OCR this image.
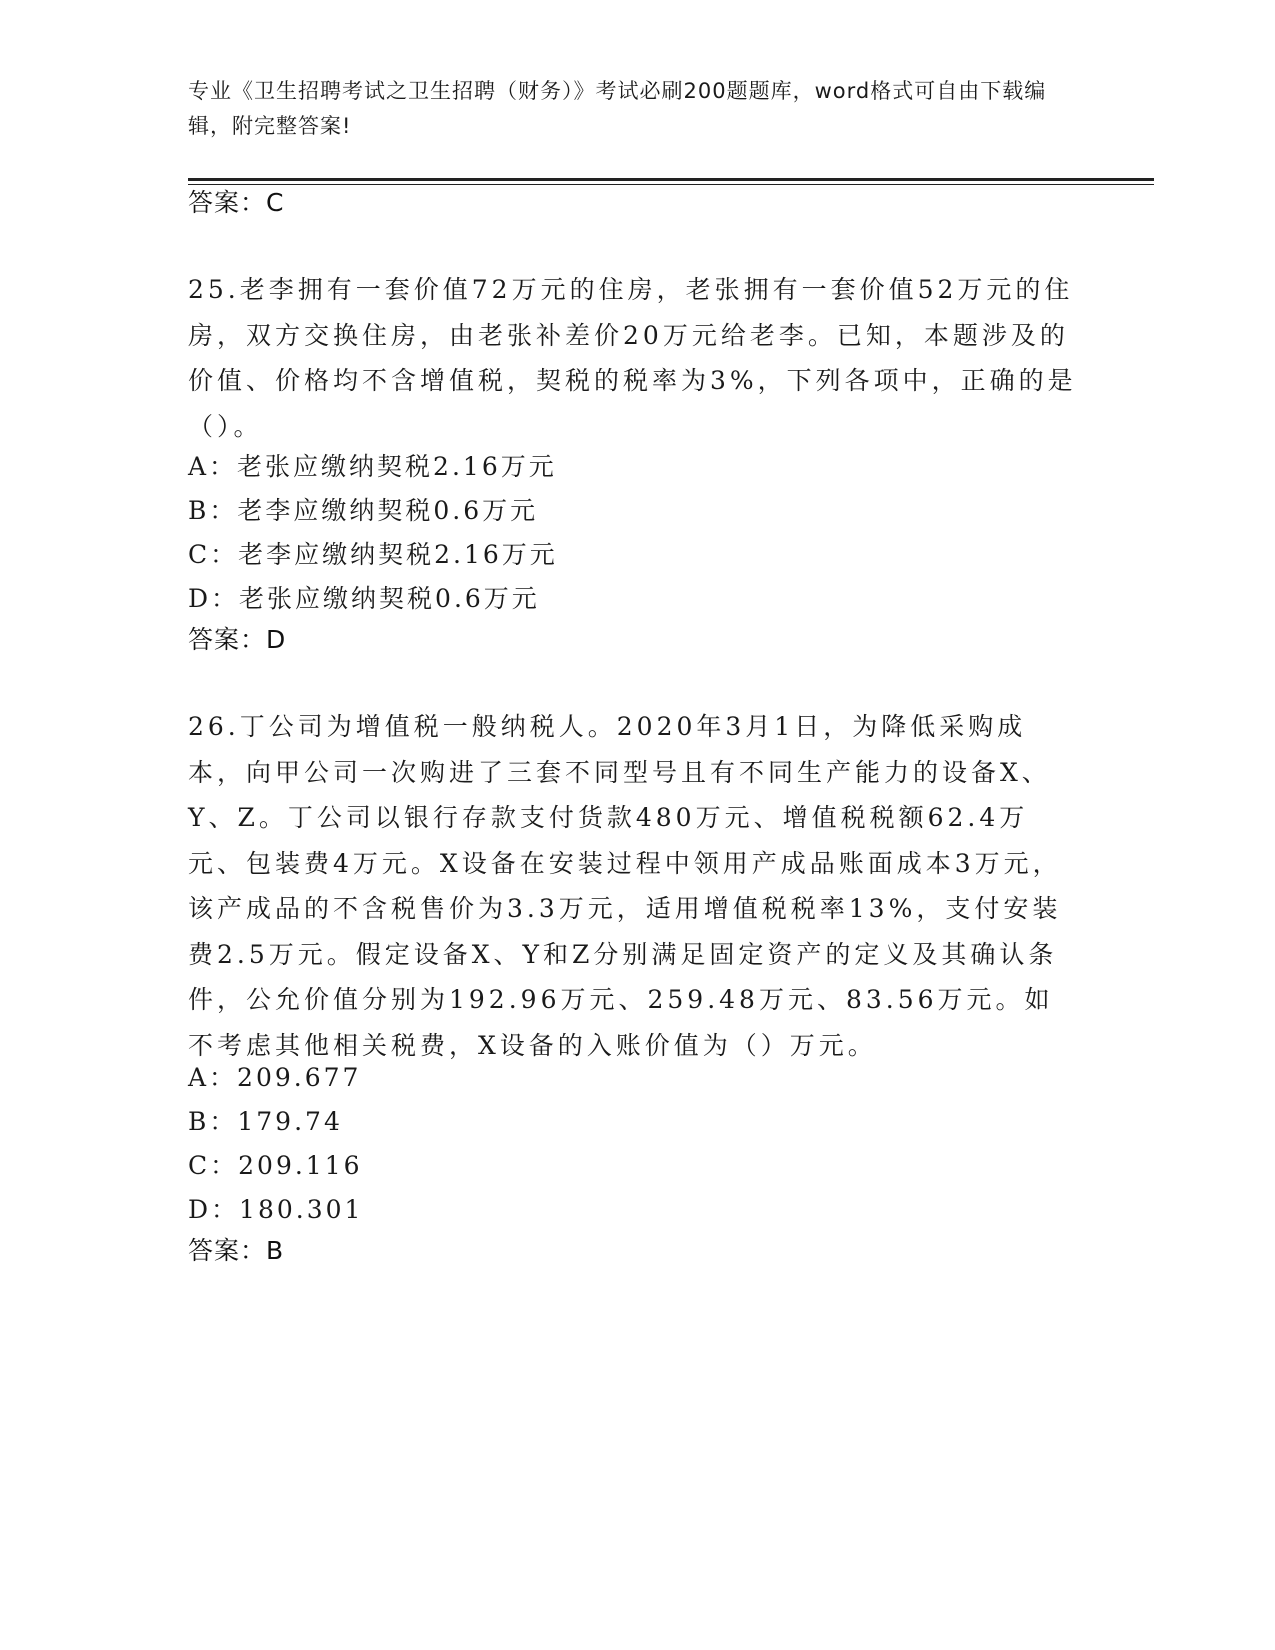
专业《卫生招聘考试之卫生招聘（财务）》考试必刷200题题库，word格式可自由下载编辑，附完整答案!
答案：C
25.老李拥有一套价值72万元的住房，老张拥有一套价值52万元的住房，双方交换住房，由老张补差价20万元给老李。已知，本题涉及的价值、价格均不含增值税，契税的税率为3%，下列各项中，正确的是（）。
A：老张应缴纳契税2.16万元
B：老李应缴纳契税0.6万元
C：老李应缴纳契税2.16万元
D：老张应缴纳契税0.6万元
答案：D
26.丁公司为增值税一般纳税人。2020年3月1日，为降低采购成本，向甲公司一次购进了三套不同型号且有不同生产能力的设备X、Y、Z。丁公司以银行存款支付货款480万元、增值税税额62.4万元、包装费4万元。X设备在安装过程中领用产成品账面成本3万元，该产成品的不含税售价为3.3万元，适用增值税税率13%，支付安装费2.5万元。假定设备X、Y和Z分别满足固定资产的定义及其确认条件，公允价值分别为192.96万元、259.48万元、83.56万元。如不考虑其他相关税费，X设备的入账价值为（）万元。
A：209.677
B：179.74
C：209.116
D：180.301
答案：B
